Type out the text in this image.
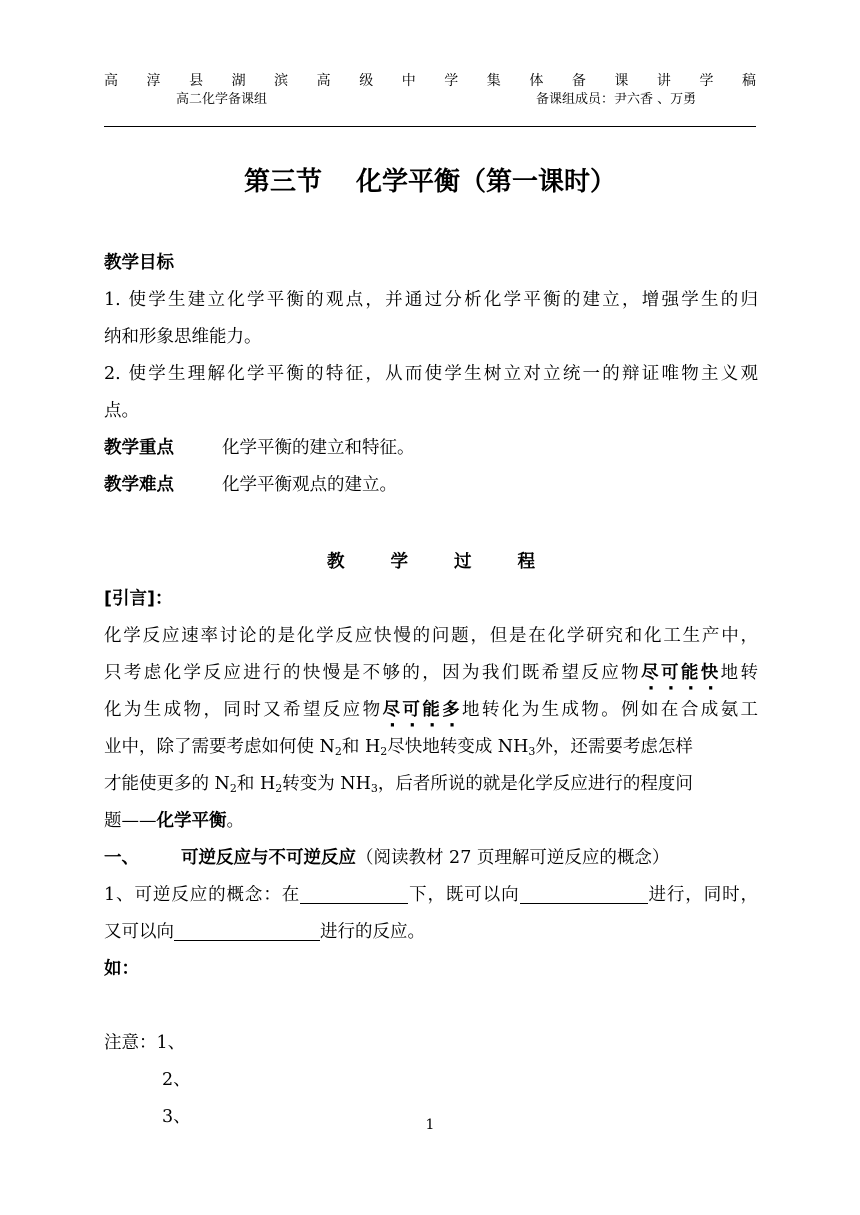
高 淳 县 湖 滨 高 级 中 学 集 体 备 课 讲 学 稿
高二化学备课组	备课组成员：尹六香 、万勇
第三节 化学平衡（第一课时）
教学目标
1. 使学生建立化学平衡的观点，并通过分析化学平衡的建立，增强学生的归
纳和形象思维能力。
2. 使学生理解化学平衡的特征，从而使学生树立对立统一的辩证唯物主义观
点。
教学重点	化学平衡的建立和特征。
教学难点	化学平衡观点的建立。
教学过程
[引言]：
化学反应速率讨论的是化学反应快慢的问题，但是在化学研究和化工生产中，
只考虑化学反应进行的快慢是不够的，因为我们既希望反应物尽可能快地转
化为生成物，同时又希望反应物尽可能多地转化为生成物。例如在合成氨工
业中，除了需要考虑如何使 $N_2$和 $H_2$尽快地转变成 $NH_3$外，还需要考虑怎样
才能使更多的 $N_2$和 $H_2$转变为 $NH_3$，后者所说的就是化学反应进行的程度问
题——化学平衡。
一、 可逆反应与不可逆反应（阅读教材 27 页理解可逆反应的概念）
1、可逆反应的概念：在	下，既可以向	进行，同时，
又可以向	进行的反应。
如：
注意：1、
2、
3、	1
